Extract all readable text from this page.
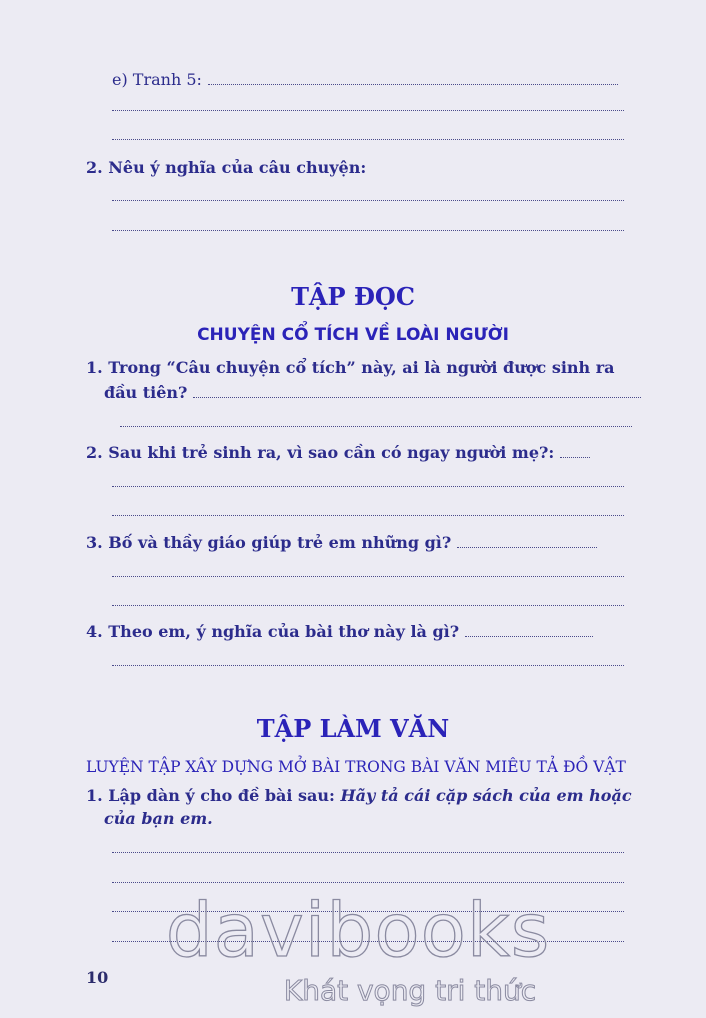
e) Tranh 5:
2. Nêu ý nghĩa của câu chuyện:
TẬP ĐỌC
CHUYỆN CỔ TÍCH VỀ LOÀI NGƯỜI
1. Trong “Câu chuyện cổ tích” này, ai là người được sinh ra
đầu tiên?
2. Sau khi trẻ sinh ra, vì sao cần có ngay người mẹ?:
3. Bố và thầy giáo giúp trẻ em những gì?
4. Theo em, ý nghĩa của bài thơ này là gì?
TẬP LÀM VĂN
LUYỆN TẬP XÂY DỰNG MỞ BÀI TRONG BÀI VĂN MIÊU TẢ ĐỒ VẬT
1. Lập dàn ý cho đề bài sau: Hãy tả cái cặp sách của em hoặc
của bạn em.
10
davibooks
Khát vọng tri thức
